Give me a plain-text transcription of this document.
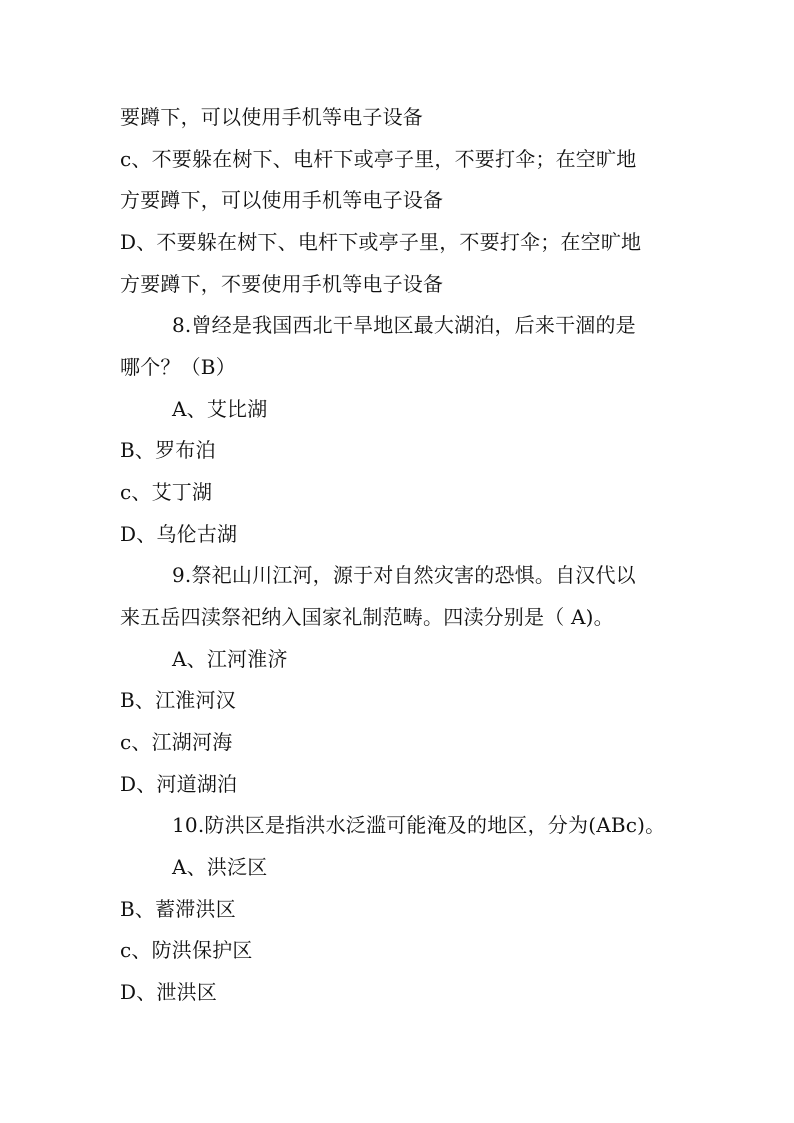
要蹲下，可以使用手机等电子设备
c、不要躲在树下、电杆下或亭子里，不要打伞；在空旷地
方要蹲下，可以使用手机等电子设备
D、不要躲在树下、电杆下或亭子里，不要打伞；在空旷地
方要蹲下，不要使用手机等电子设备
8.曾经是我国西北干旱地区最大湖泊，后来干涸的是
哪个？（B）
A、艾比湖
B、罗布泊
c、艾丁湖
D、乌伦古湖
9.祭祀山川江河，源于对自然灾害的恐惧。自汉代以
来五岳四渎祭祀纳入国家礼制范畴。四渎分别是（ A)。
A、江河淮济
B、江淮河汉
c、江湖河海
D、河道湖泊
10.防洪区是指洪水泛滥可能淹及的地区，分为(ABc)。
A、洪泛区
B、蓄滞洪区
c、防洪保护区
D、泄洪区
